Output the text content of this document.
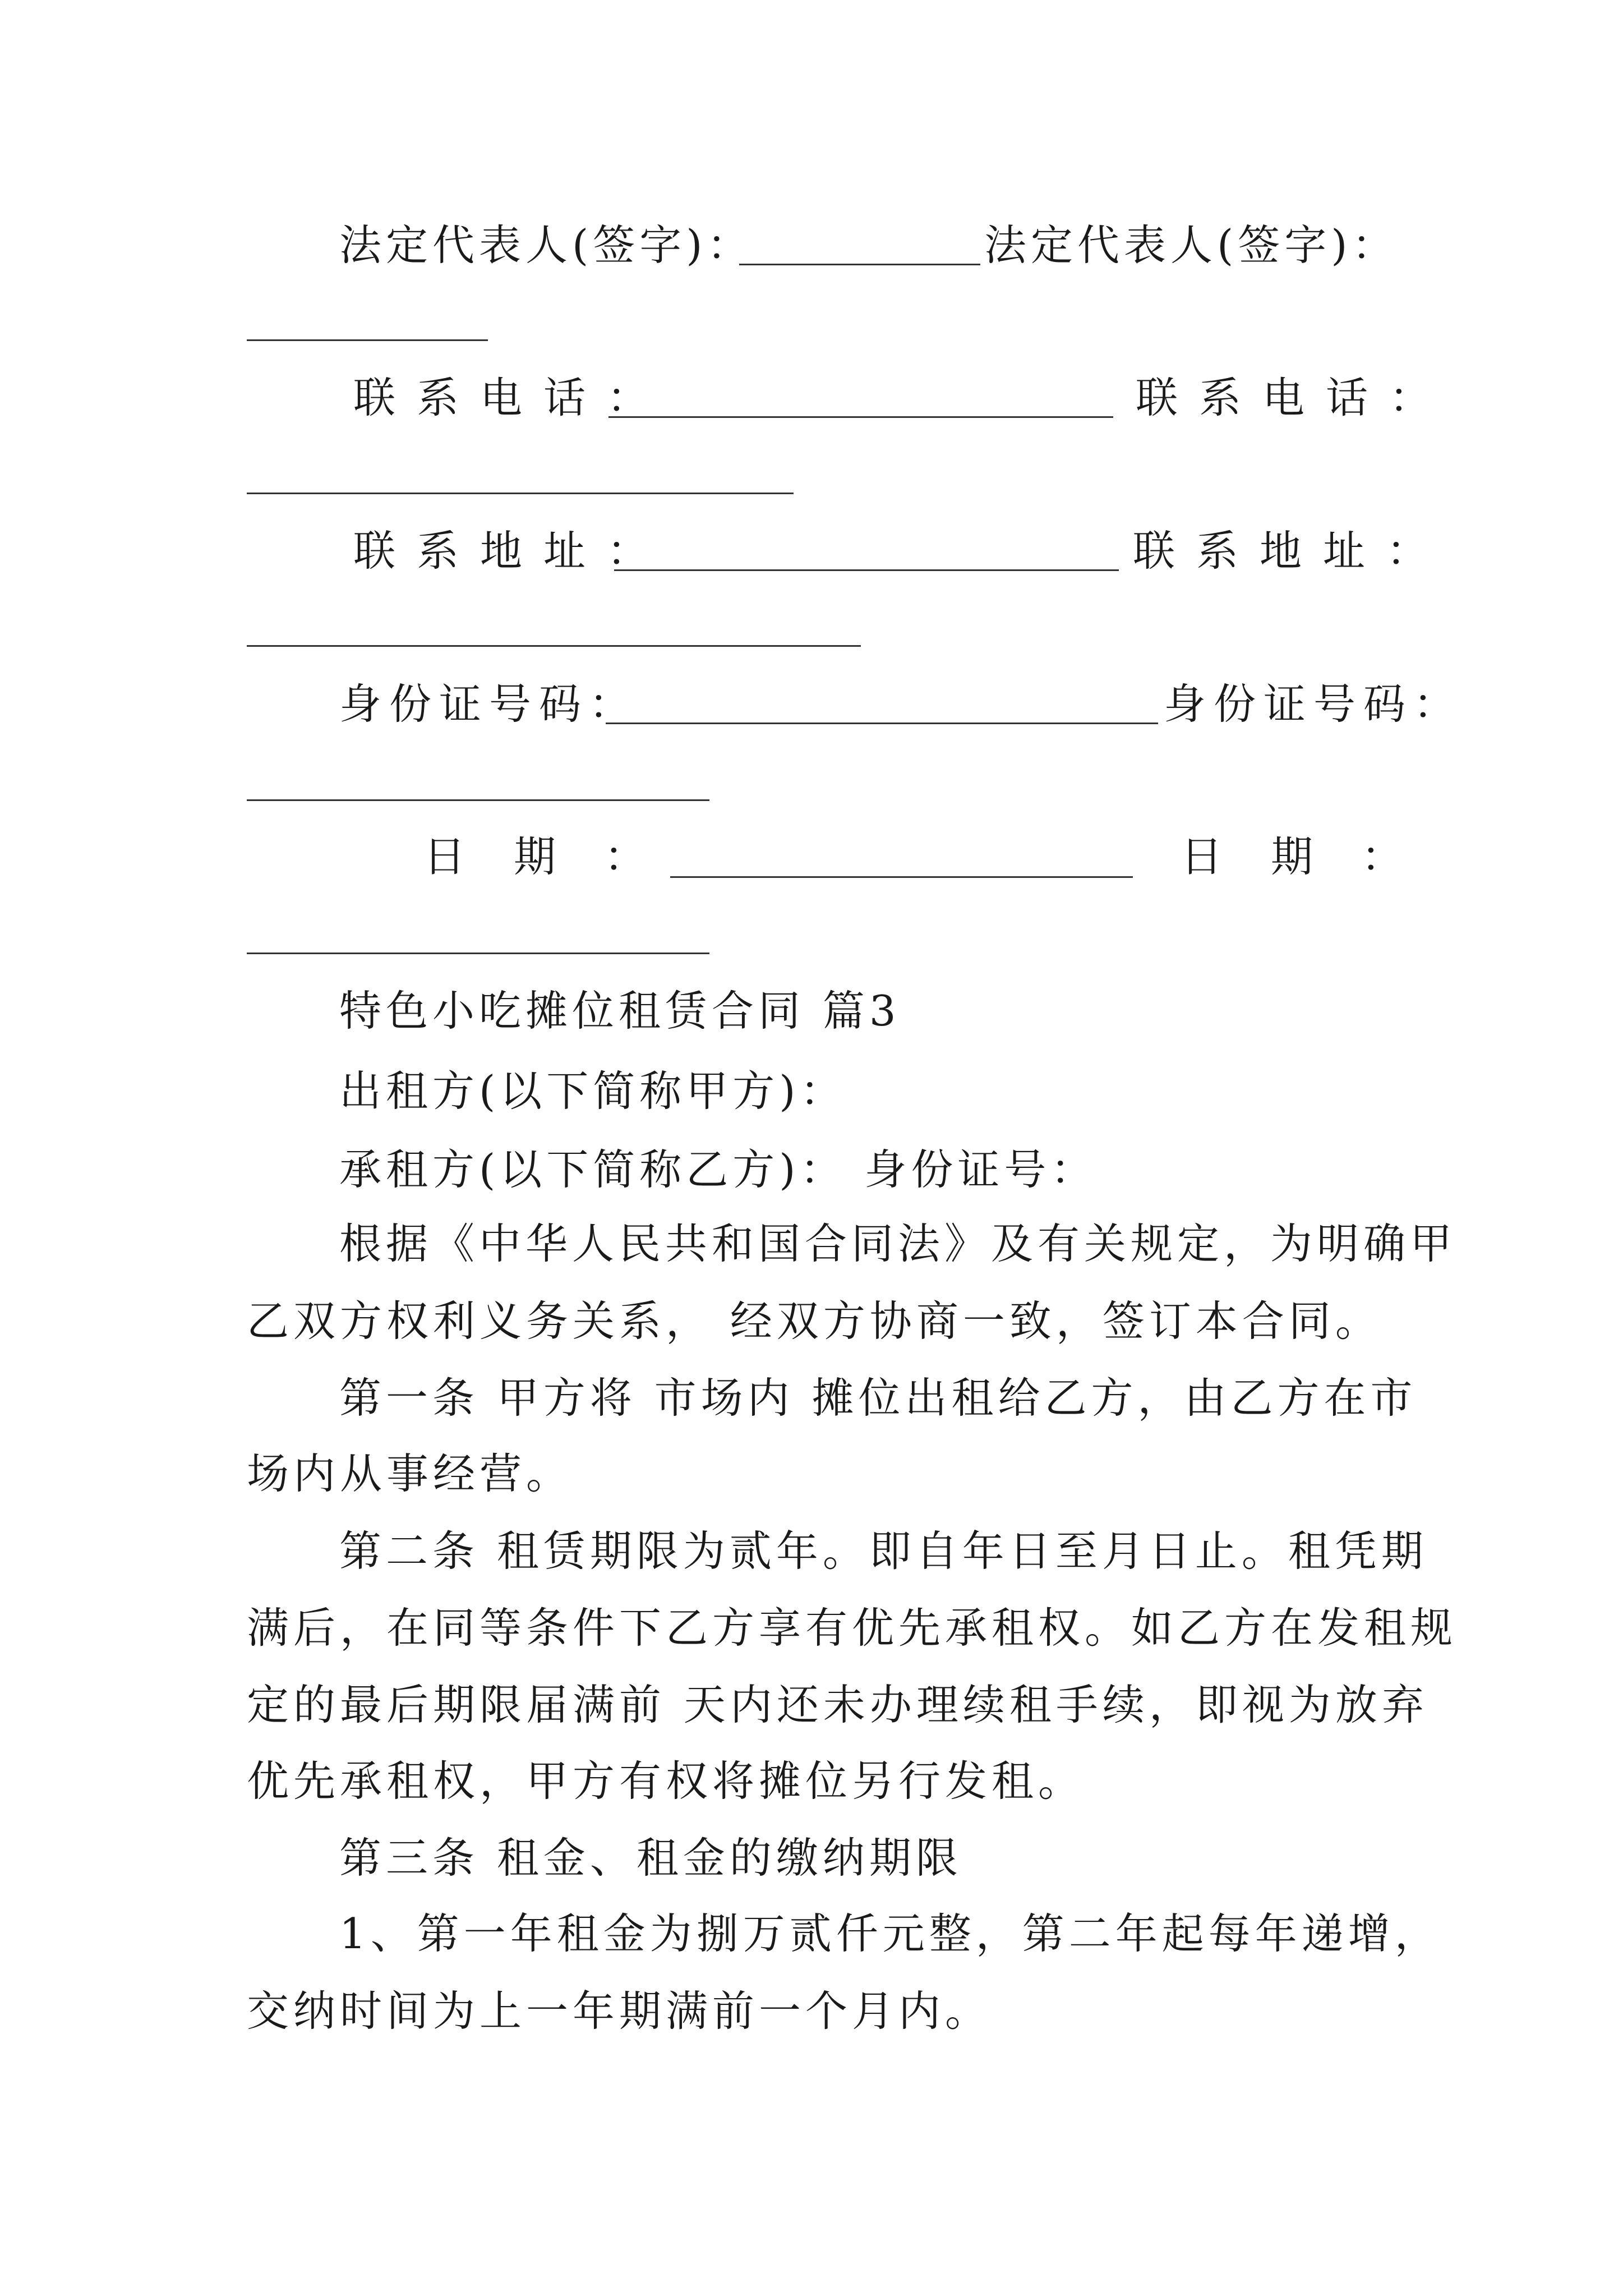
法定代表人(签字)：	法定代表人(签字)：
联系电话：	联系电话：
联系地址：	联系地址：
身份证号码：	身份证号码：
日期：	日期：
特色小吃摊位租赁合同 篇3
出租方(以下简称甲方)：
承租方(以下简称乙方)： 身份证号：
根据《中华人民共和国合同法》及有关规定，为明确甲
乙双方权利义务关系， 经双方协商一致，签订本合同。
第一条 甲方将 市场内 摊位出租给乙方，由乙方在市
场内从事经营。
第二条 租赁期限为贰年。即自年日至月日止。租凭期
满后，在同等条件下乙方享有优先承租权。如乙方在发租规
定的最后期限届满前 天内还未办理续租手续，即视为放弃
优先承租权，甲方有权将摊位另行发租。
第三条 租金、租金的缴纳期限
1、第一年租金为捌万贰仟元整，第二年起每年递增，
交纳时间为上一年期满前一个月内。
